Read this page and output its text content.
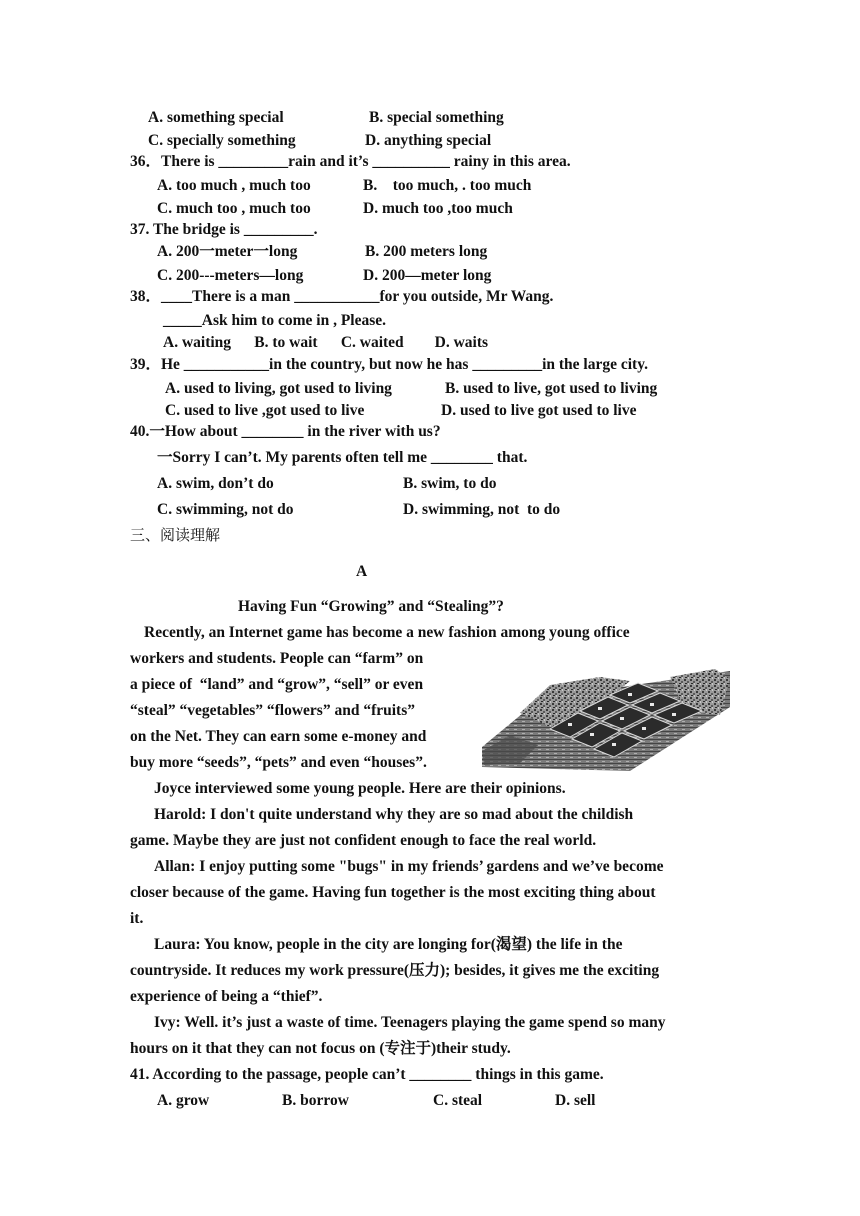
A. something special	B. special something
C. specially something	D. anything special
36．There is _________rain and it’s __________ rainy in this area.
A. too much , much too	B.　too much, . too much
C. much too , much too	D. much too ,too much
37. The bridge is _________.
A. 200一meter一long	B. 200 meters long
C. 200---meters—long	D. 200—meter long
38．____There is a man ___________for you outside, Mr Wang.
_____Ask him to come in , Please.
A. waiting　  B. to wait　  C. waited　　D. waits
39．He ___________in the country, but now he has _________in the large city.
A. used to living, got used to living	B. used to live, got used to living
C. used to live ,got used to live	D. used to live got used to live
40.一How about ________ in the river with us?
一Sorry I can’t. My parents often tell me ________ that.
A. swim, don’t do	B. swim, to do
C. swimming, not do	D. swimming, not  to do
三、阅读理解
A
Having Fun “Growing” and “Stealing”?
Recently, an Internet game has become a new fashion among young office
workers and students. People can “farm” on
a piece of  “land” and “grow”, “sell” or even
“steal” “vegetables” “flowers” and “fruits”
on the Net. They can earn some e-money and
buy more “seeds”, “pets” and even “houses”.
Joyce interviewed some young people. Here are their opinions.
Harold: I don't quite understand why they are so mad about the childish
game. Maybe they are just not confident enough to face the real world.
Allan: I enjoy putting some "bugs" in my friends’ gardens and we’ve become
closer because of the game. Having fun together is the most exciting thing about
it.
Laura: You know, people in the city are longing for(渴望) the life in the
countryside. It reduces my work pressure(压力); besides, it gives me the exciting
experience of being a “thief”.
Ivy: Well. it’s just a waste of time. Teenagers playing the game spend so many
hours on it that they can not focus on (专注于)their study.
41. According to the passage, people can’t ________ things in this game.
A. grow	B. borrow	C. steal	D. sell
